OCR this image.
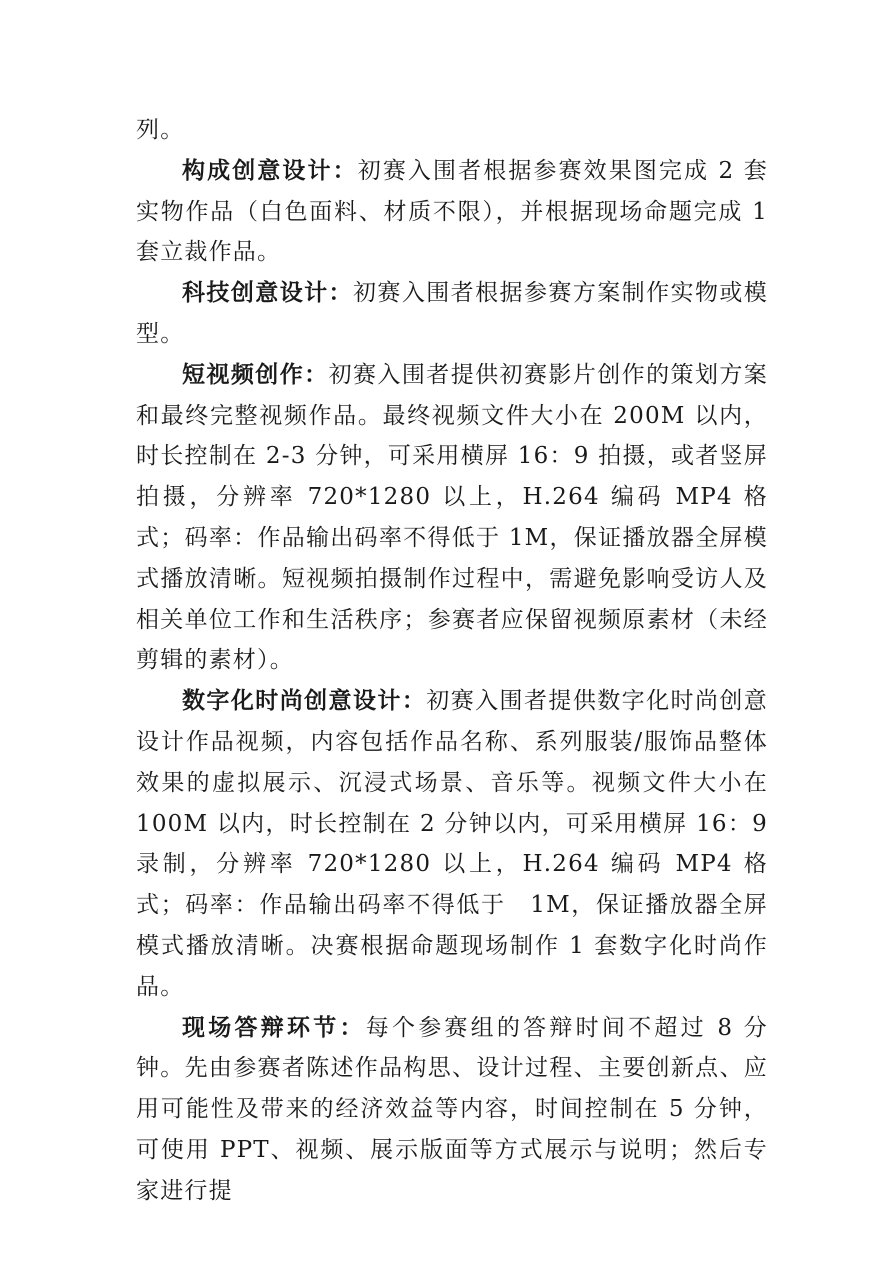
列。

构成创意设计：初赛入围者根据参赛效果图完成 2 套实物作品（白色面料、材质不限），并根据现场命题完成 1 套立裁作品。

科技创意设计：初赛入围者根据参赛方案制作实物或模型。

短视频创作：初赛入围者提供初赛影片创作的策划方案和最终完整视频作品。最终视频文件大小在 200M 以内，时长控制在 2-3 分钟，可采用横屏 16：9 拍摄，或者竖屏拍摄，分辨率 720*1280 以上，H.264 编码 MP4 格式；码率：作品输出码率不得低于 1M，保证播放器全屏模式播放清晰。短视频拍摄制作过程中，需避免影响受访人及相关单位工作和生活秩序；参赛者应保留视频原素材（未经剪辑的素材）。

数字化时尚创意设计：初赛入围者提供数字化时尚创意设计作品视频，内容包括作品名称、系列服装/服饰品整体效果的虚拟展示、沉浸式场景、音乐等。视频文件大小在 100M 以内，时长控制在 2 分钟以内，可采用横屏 16：9 录制，分辨率 720*1280 以上，H.264 编码 MP4 格式；码率：作品输出码率不得低于　1M，保证播放器全屏模式播放清晰。决赛根据命题现场制作 1 套数字化时尚作品。

现场答辩环节：每个参赛组的答辩时间不超过 8 分钟。先由参赛者陈述作品构思、设计过程、主要创新点、应用可能性及带来的经济效益等内容，时间控制在 5 分钟，可使用 PPT、视频、展示版面等方式展示与说明；然后专家进行提
